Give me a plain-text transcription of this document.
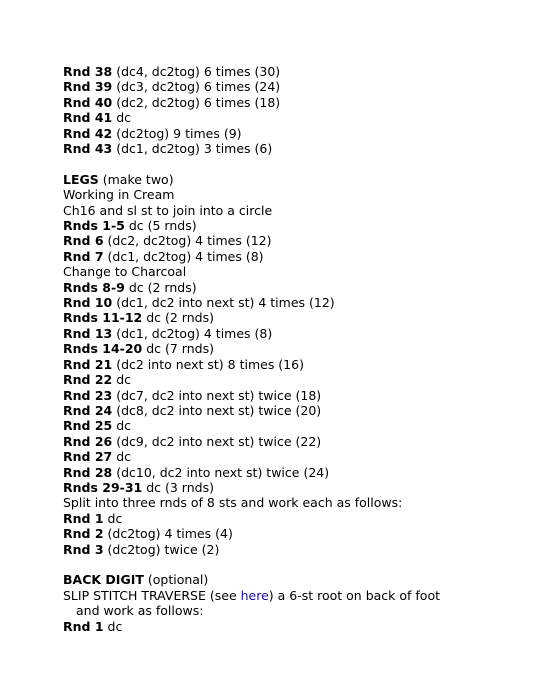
Rnd 38 (dc4, dc2tog) 6 times (30)
Rnd 39 (dc3, dc2tog) 6 times (24)
Rnd 40 (dc2, dc2tog) 6 times (18)
Rnd 41 dc
Rnd 42 (dc2tog) 9 times (9)
Rnd 43 (dc1, dc2tog) 3 times (6)
LEGS (make two)
Working in Cream
Ch16 and sl st to join into a circle
Rnds 1-5 dc (5 rnds)
Rnd 6 (dc2, dc2tog) 4 times (12)
Rnd 7 (dc1, dc2tog) 4 times (8)
Change to Charcoal
Rnds 8-9 dc (2 rnds)
Rnd 10 (dc1, dc2 into next st) 4 times (12)
Rnds 11-12 dc (2 rnds)
Rnd 13 (dc1, dc2tog) 4 times (8)
Rnds 14-20 dc (7 rnds)
Rnd 21 (dc2 into next st) 8 times (16)
Rnd 22 dc
Rnd 23 (dc7, dc2 into next st) twice (18)
Rnd 24 (dc8, dc2 into next st) twice (20)
Rnd 25 dc
Rnd 26 (dc9, dc2 into next st) twice (22)
Rnd 27 dc
Rnd 28 (dc10, dc2 into next st) twice (24)
Rnds 29-31 dc (3 rnds)
Split into three rnds of 8 sts and work each as follows:
Rnd 1 dc
Rnd 2 (dc2tog) 4 times (4)
Rnd 3 (dc2tog) twice (2)
BACK DIGIT (optional)
SLIP STITCH TRAVERSE (see here) a 6-st root on back of foot
and work as follows:
Rnd 1 dc
